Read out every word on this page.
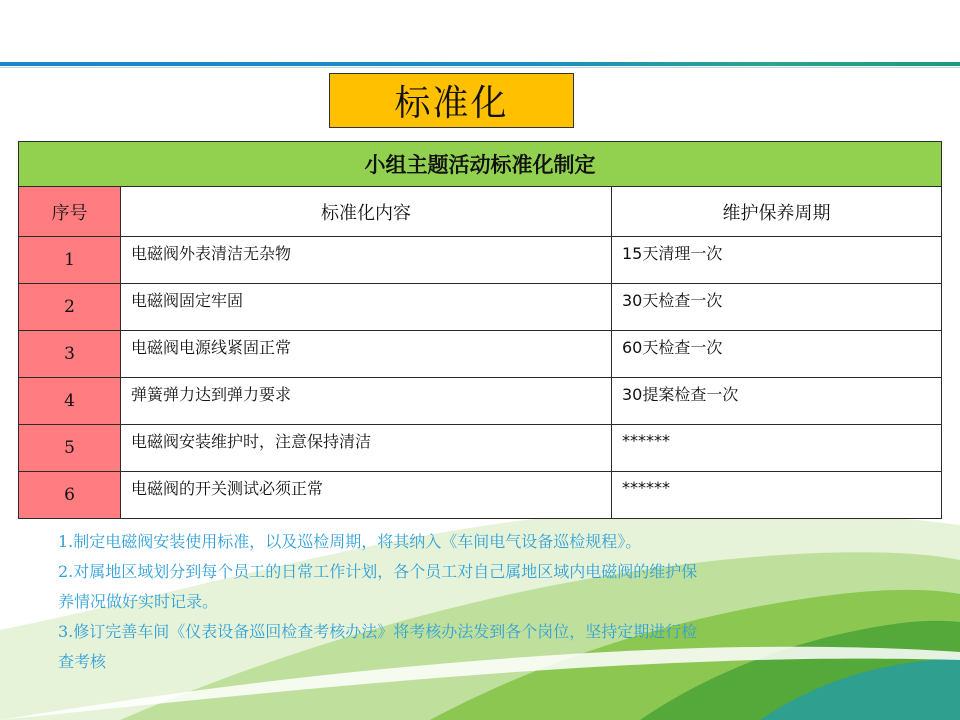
标准化
小组主题活动标准化制定		
序号	标准化内容	维护保养周期
1	电磁阀外表清洁无杂物	15天清理一次
2	电磁阀固定牢固	30天检查一次
3	电磁阀电源线紧固正常	60天检查一次
4	弹簧弹力达到弹力要求	30提案检查一次
5	电磁阀安装维护时，注意保持清洁	******
6	电磁阀的开关测试必须正常	******

1.制定电磁阀安装使用标准，以及巡检周期，将其纳入《车间电气设备巡检规程》。

2.对属地区域划分到每个员工的日常工作计划，各个员工对自己属地区域内电磁阀的维护保

养情况做好实时记录。

3.修订完善车间《仪表设备巡回检查考核办法》将考核办法发到各个岗位，坚持定期进行检

查考核
